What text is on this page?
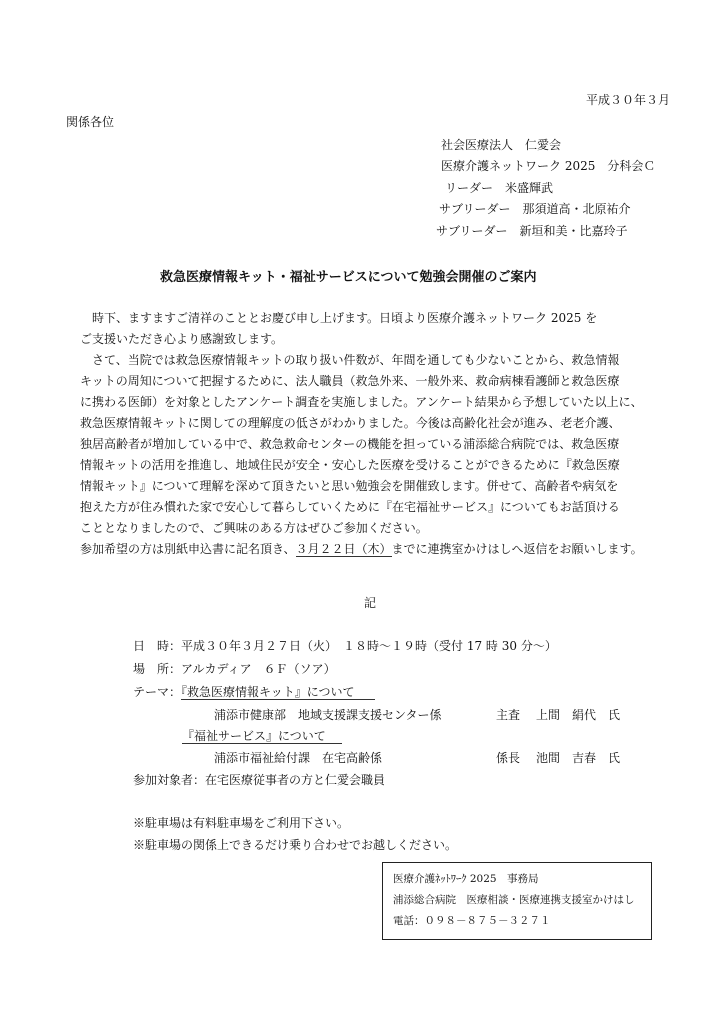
平成３０年３月
関係各位
社会医療法人　仁愛会
医療介護ネットワーク 2025　分科会Ｃ
リーダー　米盛輝武
サブリーダー　那須道高・北原祐介
サブリーダー　新垣和美・比嘉玲子
救急医療情報キット・福祉サービスについて勉強会開催のご案内
　時下、ますますご清祥のこととお慶び申し上げます。日頃より医療介護ネットワーク 2025 を
ご支援いただき心より感謝致します。
　さて、当院では救急医療情報キットの取り扱い件数が、年間を通しても少ないことから、救急情報
キットの周知について把握するために、法人職員（救急外来、一般外来、救命病棟看護師と救急医療
に携わる医師）を対象としたアンケート調査を実施しました。アンケート結果から予想していた以上に、
救急医療情報キットに関しての理解度の低さがわかりました。今後は高齢化社会が進み、老老介護、
独居高齢者が増加している中で、救急救命センターの機能を担っている浦添総合病院では、救急医療
情報キットの活用を推進し、地域住民が安全・安心した医療を受けることができるために『救急医療
情報キット』について理解を深めて頂きたいと思い勉強会を開催致します。併せて、高齢者や病気を
抱えた方が住み慣れた家で安心して暮らしていくために『在宅福祉サービス』についてもお話頂ける
こととなりましたので、ご興味のある方はぜひご参加ください。
参加希望の方は別紙申込書に記名頂き、３月２２日（木）までに連携室かけはしへ返信をお願いします。
記
日　時：平成３０年３月２７日（火）　１８時～１９時（受付 17 時 30 分～）
場　所：アルカディア　６Ｆ（ソア）
テーマ：『救急医療情報キット』について
浦添市健康部　地域支援課支援センター係	主査 上間　絹代　氏
『福祉サービス』について
浦添市福祉給付課　在宅高齢係	係長 池間　吉春　氏
参加対象者：在宅医療従事者の方と仁愛会職員
※駐車場は有料駐車場をご利用下さい。
※駐車場の関係上できるだけ乗り合わせでお越しください。
医療介護ﾈｯﾄﾜｰｸ 2025　事務局
浦添総合病院　医療相談・医療連携支援室かけはし
電話：０９８－８７５－３２７１
